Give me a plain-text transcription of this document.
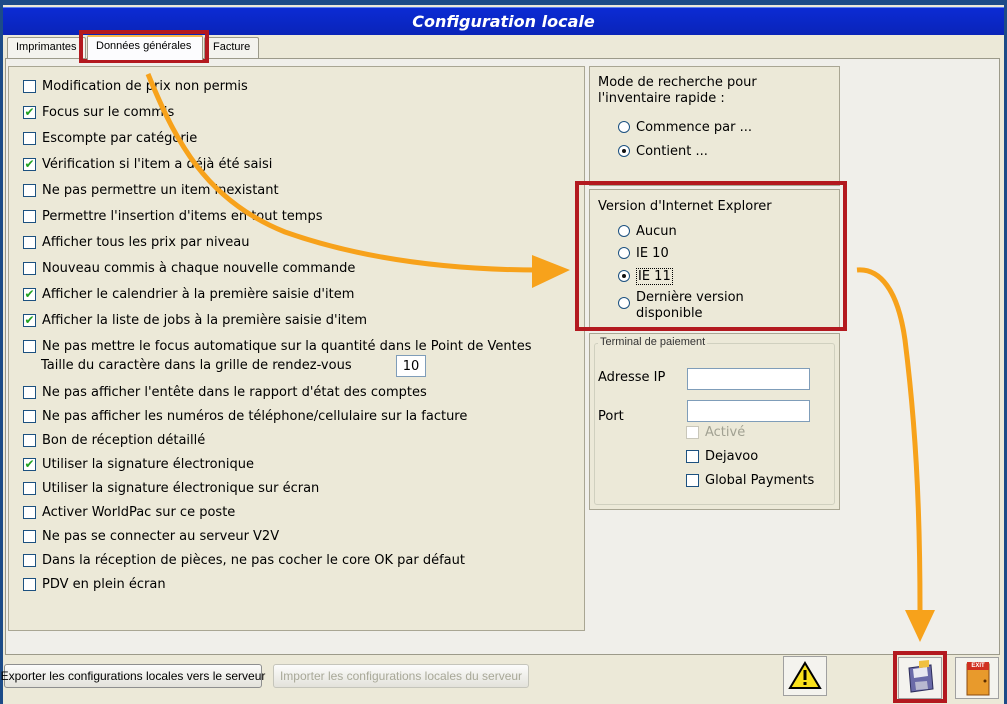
Configuration locale
Imprimantes	Données générales	Facture
Modification de prix non permis
✔ Focus sur le commis
Escompte par catégorie
✔ Vérification si l'item a déjà été saisi
Ne pas permettre un item inexistant
Permettre l'insertion d'items en tout temps
Afficher tous les prix par niveau
Nouveau commis à chaque nouvelle commande
✔ Afficher le calendrier à la première saisie d'item
✔ Afficher la liste de jobs à la première saisie d'item
Ne pas mettre le focus automatique sur la quantité dans le Point de Ventes
Taille du caractère dans la grille de rendez-vous	10
Ne pas afficher l'entête dans le rapport d'état des comptes
Ne pas afficher les numéros de téléphone/cellulaire sur la facture
Bon de réception détaillé
✔ Utiliser la signature électronique
Utiliser la signature électronique sur écran
Activer WorldPac sur ce poste
Ne pas se connecter au serveur V2V
Dans la réception de pièces, ne pas cocher le core OK par défaut
PDV en plein écran
Mode de recherche pour
l'inventaire rapide :
Commence par ...
Contient ...
Version d'Internet Explorer
Aucun
IE 10
IE 11
Dernière version
disponible
Terminal de paiement
Adresse IP
Port
Activé
Dejavoo
Global Payments
Exporter les configurations locales vers le serveur	Importer les configurations locales du serveur
EXIT
